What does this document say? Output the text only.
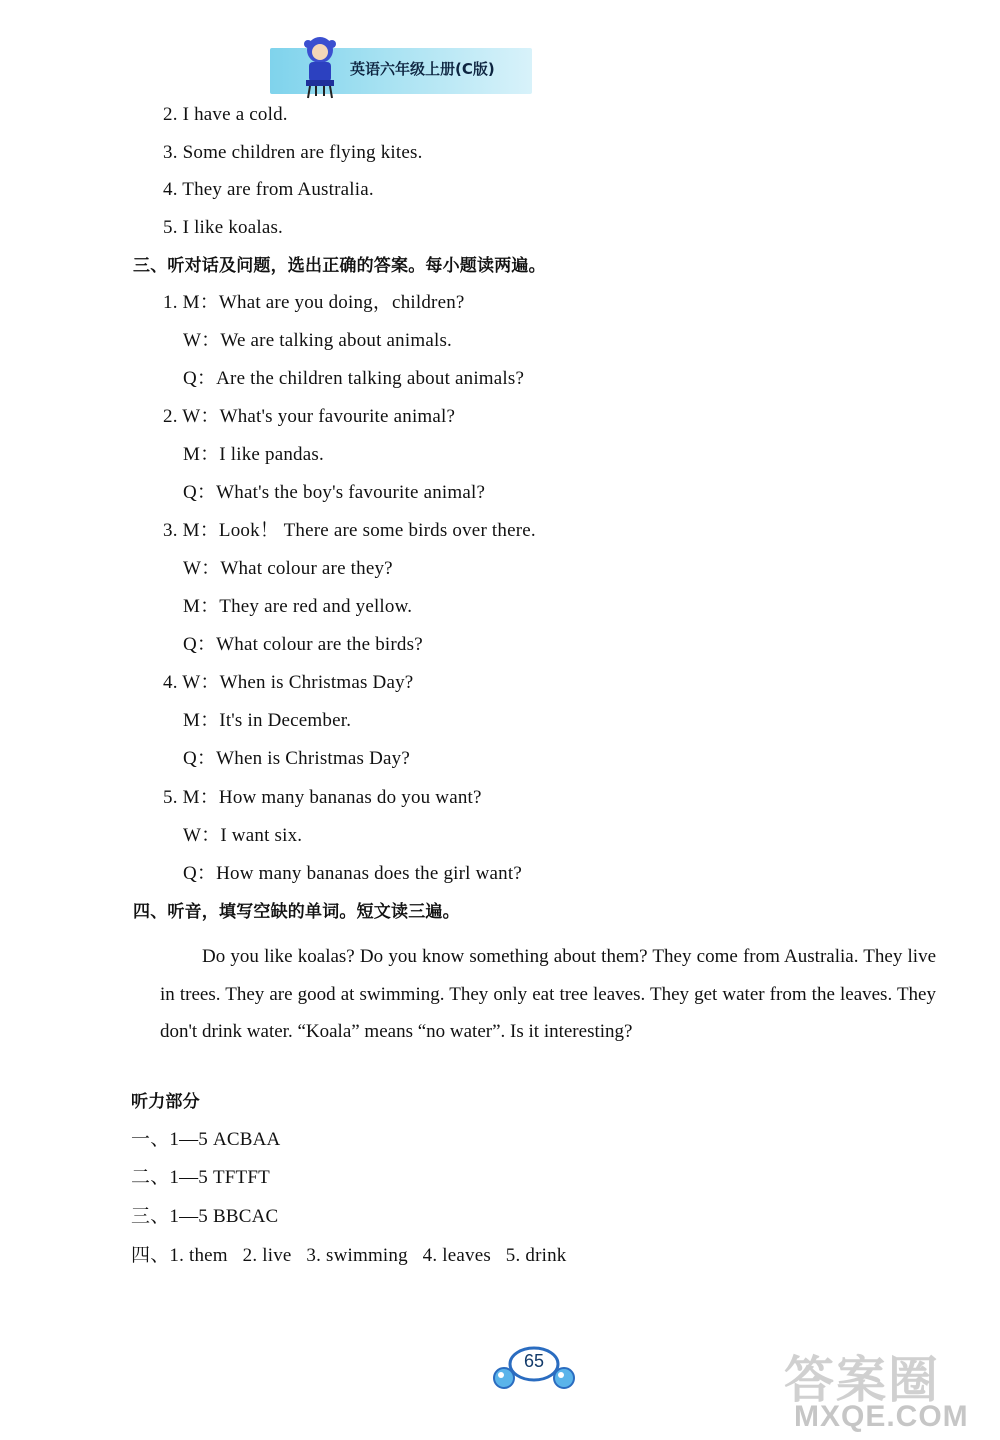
英语六年级上册(C版)
2. I have a cold.
3. Some children are flying kites.
4. They are from Australia.
5. I like koalas.
三、听对话及问题，选出正确的答案。每小题读两遍。
1. M：What are you doing，children?
W：We are talking about animals.
Q：Are the children talking about animals?
2. W：What's your favourite animal?
M：I like pandas.
Q：What's the boy's favourite animal?
3. M：Look！ There are some birds over there.
W：What colour are they?
M：They are red and yellow.
Q：What colour are the birds?
4. W：When is Christmas Day?
M：It's in December.
Q：When is Christmas Day?
5. M：How many bananas do you want?
W：I want six.
Q：How many bananas does the girl want?
四、听音，填写空缺的单词。短文读三遍。
Do you like koalas? Do you know something about them? They come from Australia. They live in trees. They are good at swimming. They only eat tree leaves. They get water from the leaves. They don't drink water. “Koala” means “no water”. Is it interesting?
听力部分
一、1—5 ACBAA
二、1—5 TFTFT
三、1—5 BBCAC
四、1. them   2. live   3. swimming   4. leaves   5. drink
65	答案圈
MXQE.COM
